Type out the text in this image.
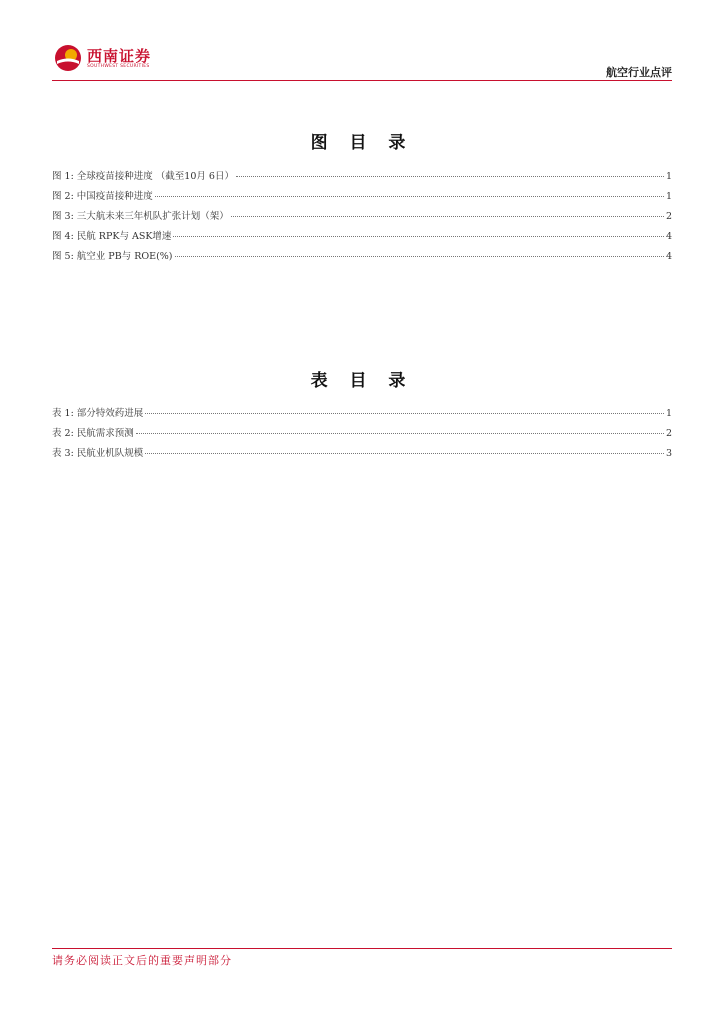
西南证券
SOUTHWEST SECURITIES	航空行业点评
图 目 录
图 1: 全球疫苗接种进度 （截至10月 6日）	1
图 2: 中国疫苗接种进度	1
图 3: 三大航未来三年机队扩张计划（架）	2
图 4: 民航 RPK与 ASK增速	4
图 5: 航空业 PB与 ROE(%)	4
表 目 录
表 1: 部分特效药进展	1
表 2: 民航需求预测	2
表 3: 民航业机队规模	3
请务必阅读正文后的重要声明部分
